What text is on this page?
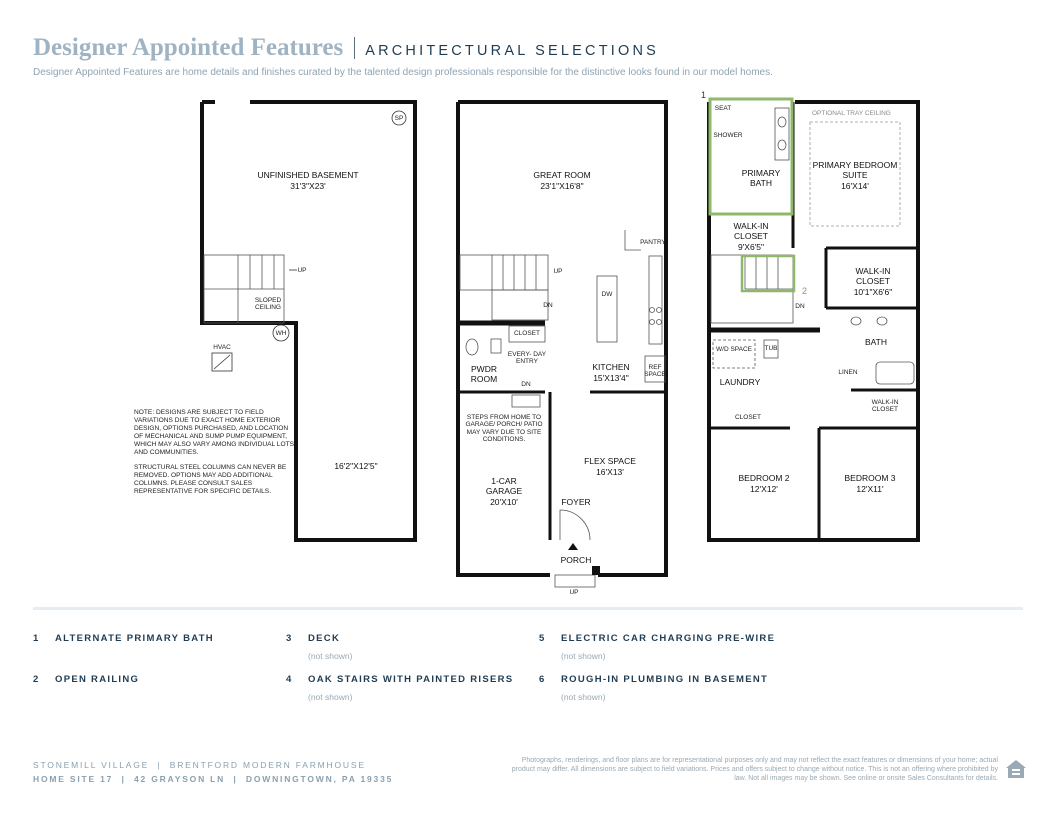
Designer Appointed Features ARCHITECTURAL SELECTIONS
Designer Appointed Features are home details and finishes curated by the talented design professionals responsible for the distinctive looks found in our model homes.
UNFINISHED BASEMENT
31'3"X23'
SP
UP
SLOPED CEILING
WH
HVAC
16'2"X12'5"

NOTE: DESIGNS ARE SUBJECT TO FIELD VARIATIONS DUE TO EXACT HOME EXTERIOR DESIGN, OPTIONS PURCHASED, AND LOCATION OF MECHANICAL AND SUMP PUMP EQUIPMENT, WHICH MAY ALSO VARY AMONG INDIVIDUAL LOTS AND COMMUNITIES.

STRUCTURAL STEEL COLUMNS CAN NEVER BE REMOVED. OPTIONS MAY ADD ADDITIONAL COLUMNS. PLEASE CONSULT SALES REPRESENTATIVE FOR SPECIFIC DETAILS.

GREAT ROOM
23'1"X16'8"
PANTRY
UP
DN
DW
CLOSET
PWDR ROOM
EVERY- DAY ENTRY
DN
KITCHEN
15'X13'4"
REF SPACE
STEPS FROM HOME TO GARAGE/ PORCH/ PATIO MAY VARY DUE TO SITE CONDITIONS.
1-CAR GARAGE
20'X10'
FLEX SPACE
16'X13'
FOYER
PORCH
UP
1
2
SEAT
SHOWER
PRIMARY BATH
OPTIONAL TRAY CEILING
PRIMARY BEDROOM SUITE
16'X14'
WALK-IN CLOSET
9'X6'5"
WALK-IN CLOSET
10'1"X6'6"
DN
W/D SPACE	TUB
LAUNDRY
BATH
LINEN
CLOSET
WALK-IN CLOSET
BEDROOM 2
12'X12'
BEDROOM 3
12'X11'
1 ALTERNATE PRIMARY BATH
2 OPEN RAILING
3 DECK
(not shown)
4 OAK STAIRS WITH PAINTED RISERS
(not shown)
5 ELECTRIC CAR CHARGING PRE-WIRE
(not shown)
6 ROUGH-IN PLUMBING IN BASEMENT
(not shown)
STONEMILL VILLAGE  |  BRENTFORD MODERN FARMHOUSE
HOME SITE 17  |  42 GRAYSON LN  |  DOWNINGTOWN, PA 19335
Photographs, renderings, and floor plans are for representational purposes only and may not reflect the exact features or dimensions of your home; actual product may differ. All dimensions are subject to field variations. Prices and offers subject to change without notice. This is not an offering where prohibited by law. Not all images may be shown. See online or onsite Sales Consultants for details.
